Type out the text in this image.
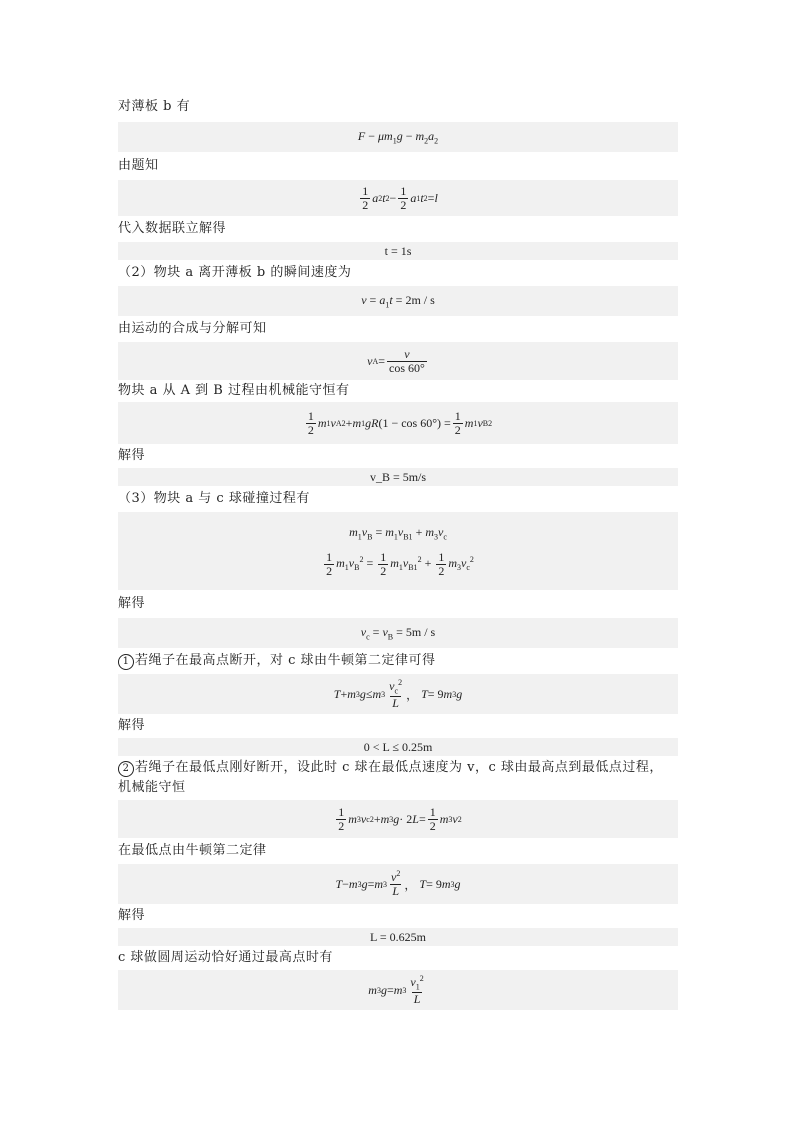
对薄板 b 有
$F - \mu m_1g - m_2a_2$
由题知
$\frac{1}{2}$ a 2 t $2 - \frac{1}{2}$ a 1 t 2 = l
代入数据联立解得
t = 1s
（2）物块 a 离开薄板 b 的瞬间速度为
$v = a_1t = 2m / s$
由运动的合成与分解可知
v $A = \frac{v}{\cos 60^\circ}$
物块 a 从 A 到 B 过程由机械能守恒有
$\frac{1}{2}$ m 1 v A 2 + m 1 gR $(1 - \cos 60^\circ) = \frac{1}{2}$ m 1 v B 2
解得
v_B = 5m/s
（3）物块 a 与 c 球碰撞过程有
$m_1v_B = m_1v_{B1} + m_3v_c$
$\frac{1}{2} m_1v_B^2 = \frac{1}{2} m_1v_{B1}^2 + \frac{1}{2} m_3v_c^2$
解得
$v_c = v_B = 5m / s$
1 若绳子在最高点断开，对 c 球由牛顿第二定律可得
T + m 3 g ≤ m $3 \frac{v_c^2}{L}$ ， T = 9 m 3 g
解得
0 < L ≤ 0.25m
2 若绳子在最低点刚好断开，设此时 c 球在最低点速度为 v，c 球由最高点到最低点过程，
机械能守恒
$\frac{1}{2}$ m 3 v c 2 + m 3 g · 2 $L = \frac{1}{2}$ m 3 v 2
在最低点由牛顿第二定律
T − m 3 g = m $3 \frac{v^2}{L}$ ， T = 9 m 3 g
解得
L = 0.625m
c 球做圆周运动恰好通过最高点时有
m 3 g = m $3 \frac{v_1^2}{L}$
